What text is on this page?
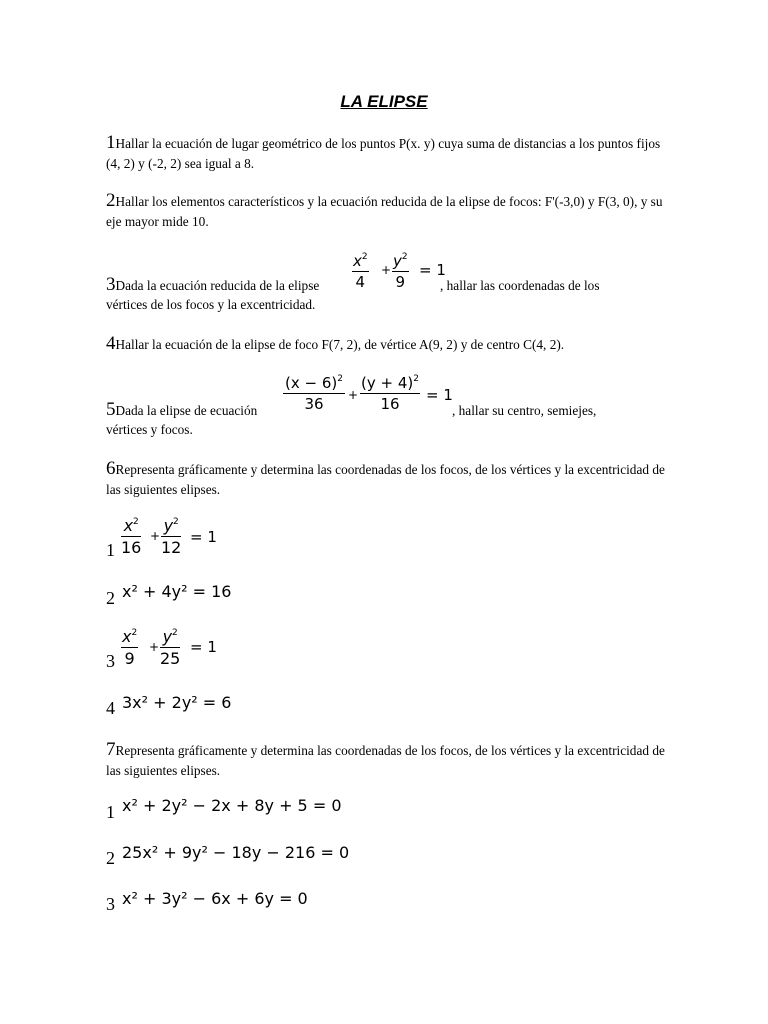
LA ELIPSE
1Hallar la ecuación de lugar geométrico de los puntos P(x. y) cuya suma de distancias a los puntos fijos (4, 2) y (-2, 2) sea igual a 8.
2Hallar los elementos característicos y la ecuación reducida de la elipse de focos: F'(-3,0) y F(3, 0), y su eje mayor mide 10.
3Dada la ecuación reducida de la elipse
$x^2$
4
+ $y^2$
9
= 1
, hallar las coordenadas de los
vértices de los focos y la excentricidad.
4Hallar la ecuación de la elipse de foco F(7, 2), de vértice A(9, 2) y de centro C(4, 2).
5Dada la elipse de ecuación
$(x - 6)^2$
36	+
$(y + 4)^2$
16	= 1
, hallar su centro, semiejes,
vértices y focos.
6Representa gráficamente y determina las coordenadas de los focos, de los vértices y la excentricidad de las siguientes elipses.
1
$x^2$
16
+
$y^2$
12
= 1
2 x² + 4y² = 16
3
$x^2$
9
+
$y^2$
25
= 1
4 3x² + 2y² = 6
7Representa gráficamente y determina las coordenadas de los focos, de los vértices y la excentricidad de las siguientes elipses.
1 x² + 2y² − 2x + 8y + 5 = 0
2 25x² + 9y² − 18y − 216 = 0
3 x² + 3y² − 6x + 6y = 0
